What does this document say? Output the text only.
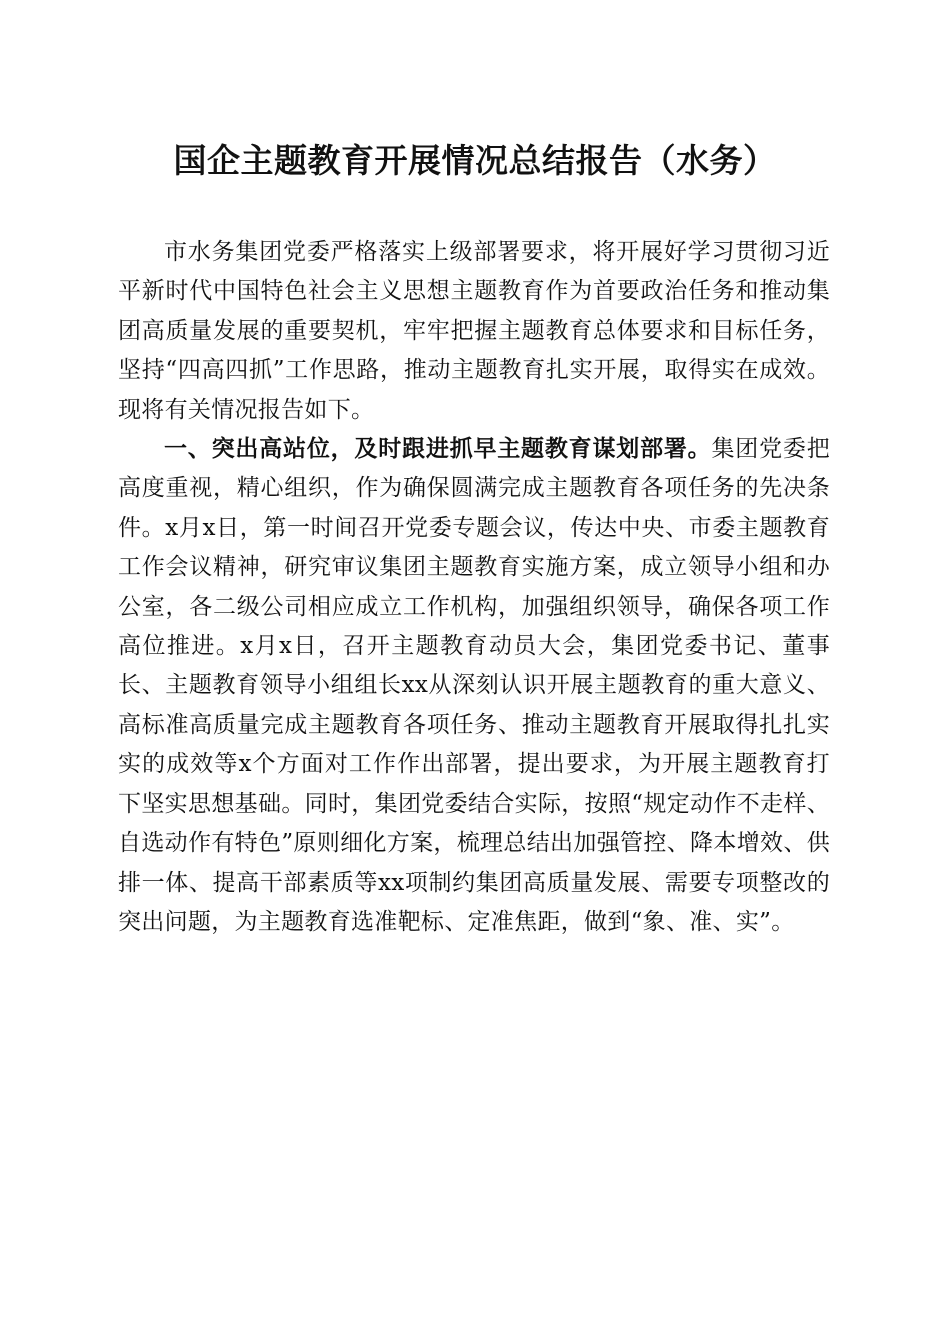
国企主题教育开展情况总结报告（水务）

市水务集团党委严格落实上级部署要求，将开展好学习贯彻习近平新时代中国特色社会主义思想主题教育作为首要政治任务和推动集团高质量发展的重要契机，牢牢把握主题教育总体要求和目标任务，坚持“四高四抓”工作思路，推动主题教育扎实开展，取得实在成效。现将有关情况报告如下。

一、突出高站位，及时跟进抓早主题教育谋划部署。集团党委把高度重视，精心组织，作为确保圆满完成主题教育各项任务的先决条件。x月x日，第一时间召开党委专题会议，传达中央、市委主题教育工作会议精神，研究审议集团主题教育实施方案，成立领导小组和办公室，各二级公司相应成立工作机构，加强组织领导，确保各项工作高位推进。x月x日，召开主题教育动员大会，集团党委书记、董事长、主题教育领导小组组长xx从深刻认识开展主题教育的重大意义、高标准高质量完成主题教育各项任务、推动主题教育开展取得扎扎实实的成效等x个方面对工作作出部署，提出要求，为开展主题教育打下坚实思想基础。同时，集团党委结合实际，按照“规定动作不走样、自选动作有特色”原则细化方案，梳理总结出加强管控、降本增效、供排一体、提高干部素质等xx项制约集团高质量发展、需要专项整改的突出问题，为主题教育选准靶标、定准焦距，做到“象、准、实”。
